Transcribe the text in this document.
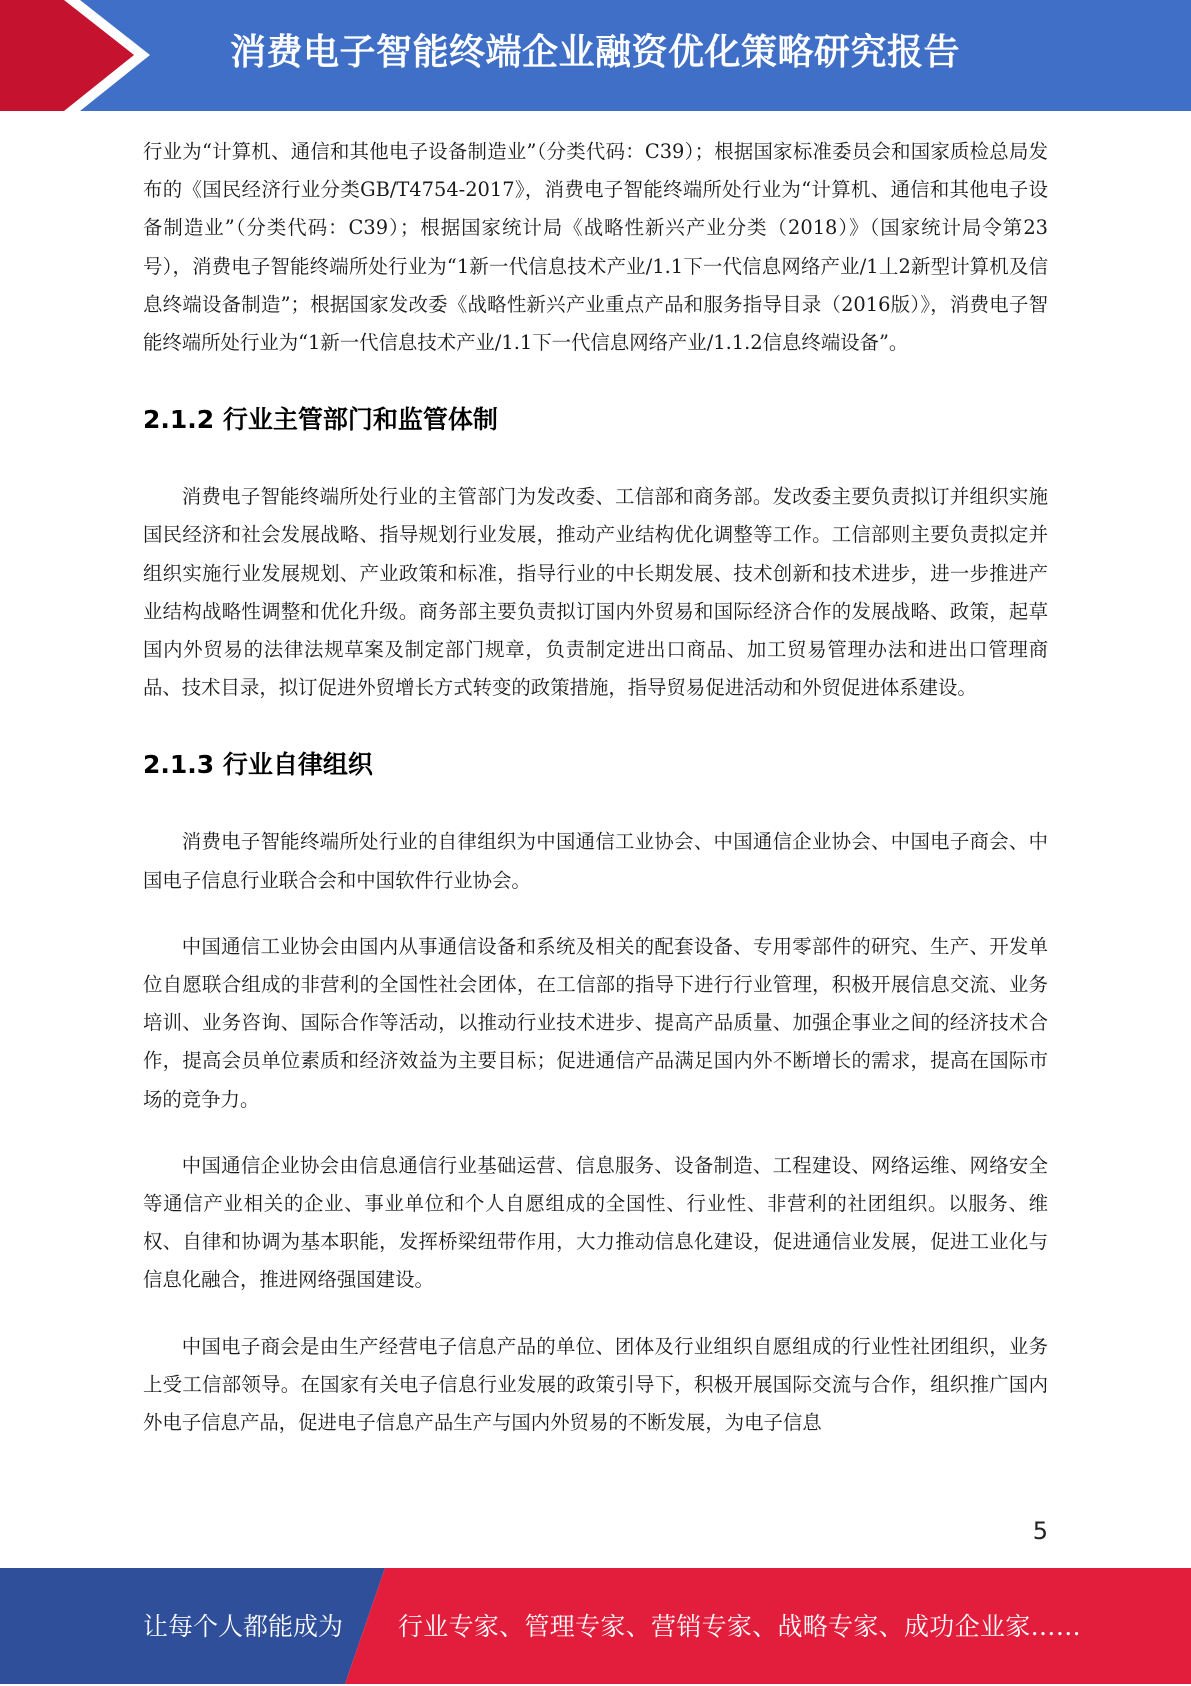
消费电子智能终端企业融资优化策略研究报告

行业为“计算机、通信和其他电子设备制造业”（分类代码：C39）；根据国家标准委员会和国家质检总局发布的《国民经济行业分类GB/T4754-2017》，消费电子智能终端所处行业为“计算机、通信和其他电子设备制造业”（分类代码：C39）；根据国家统计局《战略性新兴产业分类（2018）》（国家统计局令第23号），消费电子智能终端所处行业为“1新一代信息技术产业/1.1下一代信息网络产业/1丄2新型计算机及信息终端设备制造”；根据国家发改委《战略性新兴产业重点产品和服务指导目录（2016版）》，消费电子智能终端所处行业为“1新一代信息技术产业/1.1下一代信息网络产业/1.1.2信息终端设备”。

2.1.2 行业主管部门和监管体制

消费电子智能终端所处行业的主管部门为发改委、工信部和商务部。发改委主要负责拟订并组织实施国民经济和社会发展战略、指导规划行业发展，推动产业结构优化调整等工作。工信部则主要负责拟定并组织实施行业发展规划、产业政策和标准，指导行业的中长期发展、技术创新和技术进步，进一步推进产业结构战略性调整和优化升级。商务部主要负责拟订国内外贸易和国际经济合作的发展战略、政策，起草国内外贸易的法律法规草案及制定部门规章，负责制定进出口商品、加工贸易管理办法和进出口管理商品、技术目录，拟订促进外贸增长方式转变的政策措施，指导贸易促进活动和外贸促进体系建设。

2.1.3 行业自律组织

消费电子智能终端所处行业的自律组织为中国通信工业协会、中国通信企业协会、中国电子商会、中国电子信息行业联合会和中国软件行业协会。

中国通信工业协会由国内从事通信设备和系统及相关的配套设备、专用零部件的研究、生产、开发单位自愿联合组成的非营利的全国性社会团体，在工信部的指导下进行行业管理，积极开展信息交流、业务培训、业务咨询、国际合作等活动，以推动行业技术进步、提高产品质量、加强企事业之间的经济技术合作，提高会员单位素质和经济效益为主要目标；促进通信产品满足国内外不断增长的需求，提高在国际市场的竞争力。

中国通信企业协会由信息通信行业基础运营、信息服务、设备制造、工程建设、网络运维、网络安全等通信产业相关的企业、事业单位和个人自愿组成的全国性、行业性、非营利的社团组织。以服务、维权、自律和协调为基本职能，发挥桥梁纽带作用，大力推动信息化建设，促进通信业发展，促进工业化与信息化融合，推进网络强国建设。

中国电子商会是由生产经营电子信息产品的单位、团体及行业组织自愿组成的行业性社团组织，业务上受工信部领导。在国家有关电子信息行业发展的政策引导下，积极开展国际交流与合作，组织推广国内外电子信息产品，促进电子信息产品生产与国内外贸易的不断发展，为电子信息

5
让每个人都能成为 行业专家、管理专家、营销专家、战略专家、成功企业家……
